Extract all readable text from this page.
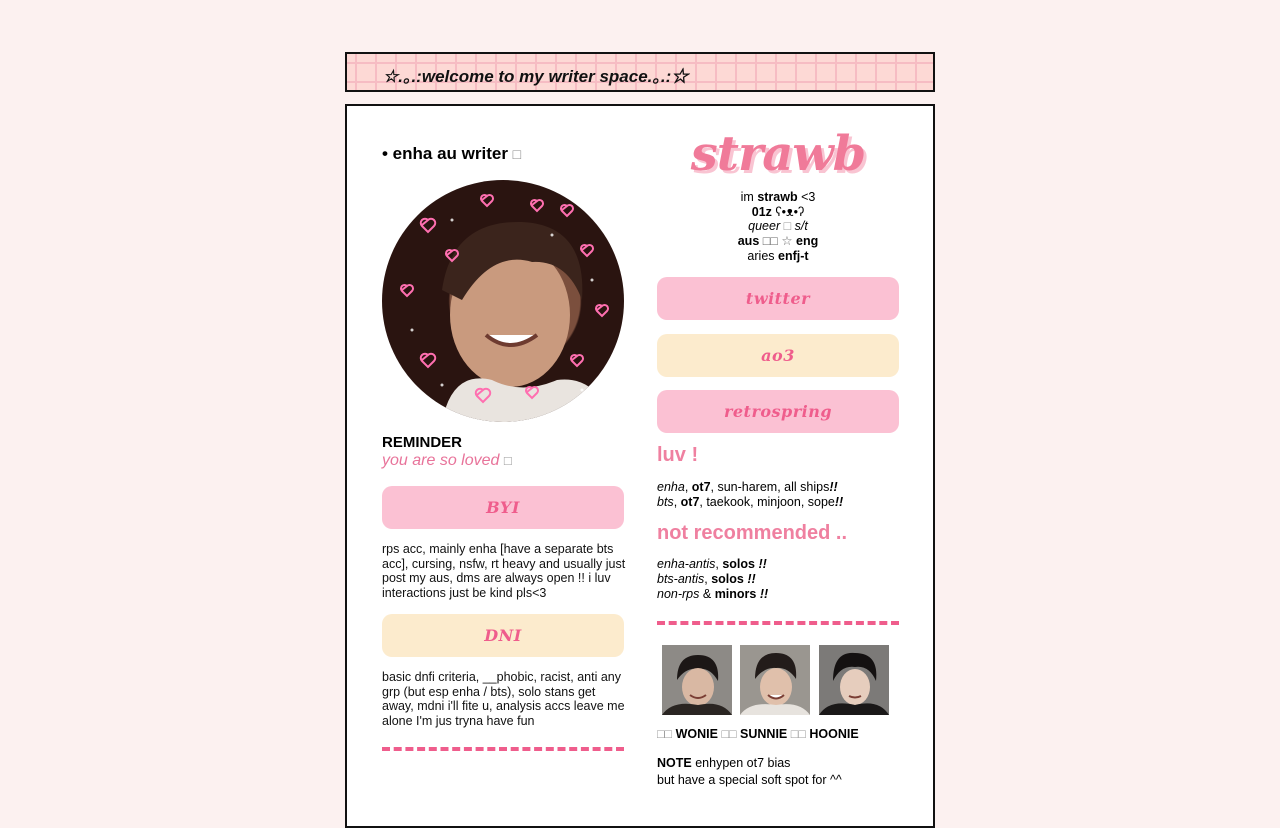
☆.｡.:welcome to my writer space.｡.:☆
• enha au writer □
REMINDER
you are so loved □
BYI
rps acc, mainly enha [have a separate bts acc], cursing, nsfw, rt heavy and usually just post my aus, dms are always open !! i luv interactions just be kind pls<3
DNI
basic dnfi criteria, __phobic, racist, anti any grp (but esp enha / bts), solo stans get away, mdni i'll fite u, analysis accs leave me alone I'm jus tryna have fun
strawb
im strawb <3
01z ʕ•ᴥ•ʔ
queer □ s/t
aus □□ ☆ eng
aries enfj-t
twitter
ao3
retrospring
luv !
enha, ot7, sun-harem, all ships!!
bts, ot7, taekook, minjoon, sope!!
not recommended ..
enha-antis, solos !!
bts-antis, solos !!
non-rps & minors !!
□□ WONIE □□ SUNNIE □□ HOONIE
NOTE enhypen ot7 bias
but have a special soft spot for ^^
